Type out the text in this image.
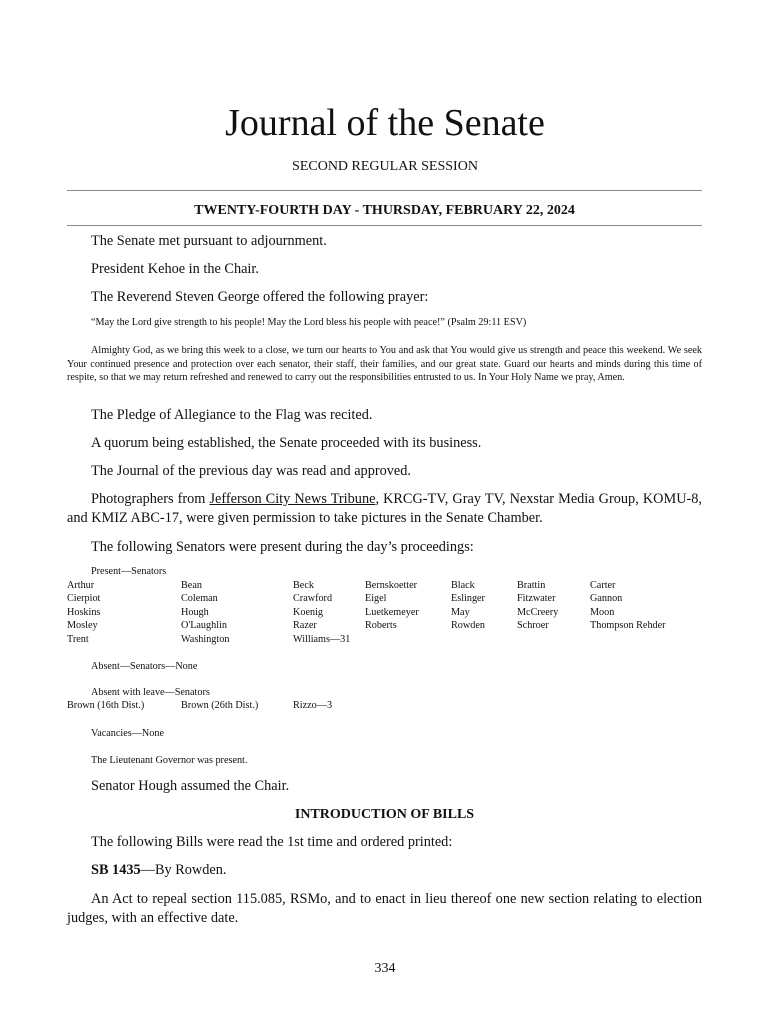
Journal of the Senate
SECOND REGULAR SESSION
TWENTY-FOURTH DAY - THURSDAY, FEBRUARY 22, 2024
The Senate met pursuant to adjournment.
President Kehoe in the Chair.
The Reverend Steven George offered the following prayer:
“May the Lord give strength to his people! May the Lord bless his people with peace!” (Psalm 29:11 ESV)
Almighty God, as we bring this week to a close, we turn our hearts to You and ask that You would give us strength and peace this weekend. We seek Your continued presence and protection over each senator, their staff, their families, and our great state. Guard our hearts and minds during this time of respite, so that we may return refreshed and renewed to carry out the responsibilities entrusted to us. In Your Holy Name we pray, Amen.
The Pledge of Allegiance to the Flag was recited.
A quorum being established, the Senate proceeded with its business.
The Journal of the previous day was read and approved.
Photographers from Jefferson City News Tribune, KRCG-TV, Gray TV, Nexstar Media Group, KOMU-8, and KMIZ ABC-17, were given permission to take pictures in the Senate Chamber.
The following Senators were present during the day’s proceedings:
Present—Senators
Arthur	Bean	Beck	Bernskoetter	Black	Brattin	Carter
Cierpiot	Coleman	Crawford	Eigel	Eslinger	Fitzwater	Gannon
Hoskins	Hough	Koenig	Luetkemeyer	May	McCreery	Moon
Mosley	O'Laughlin	Razer	Roberts	Rowden	Schroer	Thompson Rehder
Trent	Washington	Williams—31
Absent—Senators—None
Absent with leave—Senators
Brown (16th Dist.)	Brown (26th Dist.)	Rizzo—3
Vacancies—None
The Lieutenant Governor was present.
Senator Hough assumed the Chair.
INTRODUCTION OF BILLS
The following Bills were read the 1st time and ordered printed:
SB 1435—By Rowden.
An Act to repeal section 115.085, RSMo, and to enact in lieu thereof one new section relating to election judges, with an effective date.
334
